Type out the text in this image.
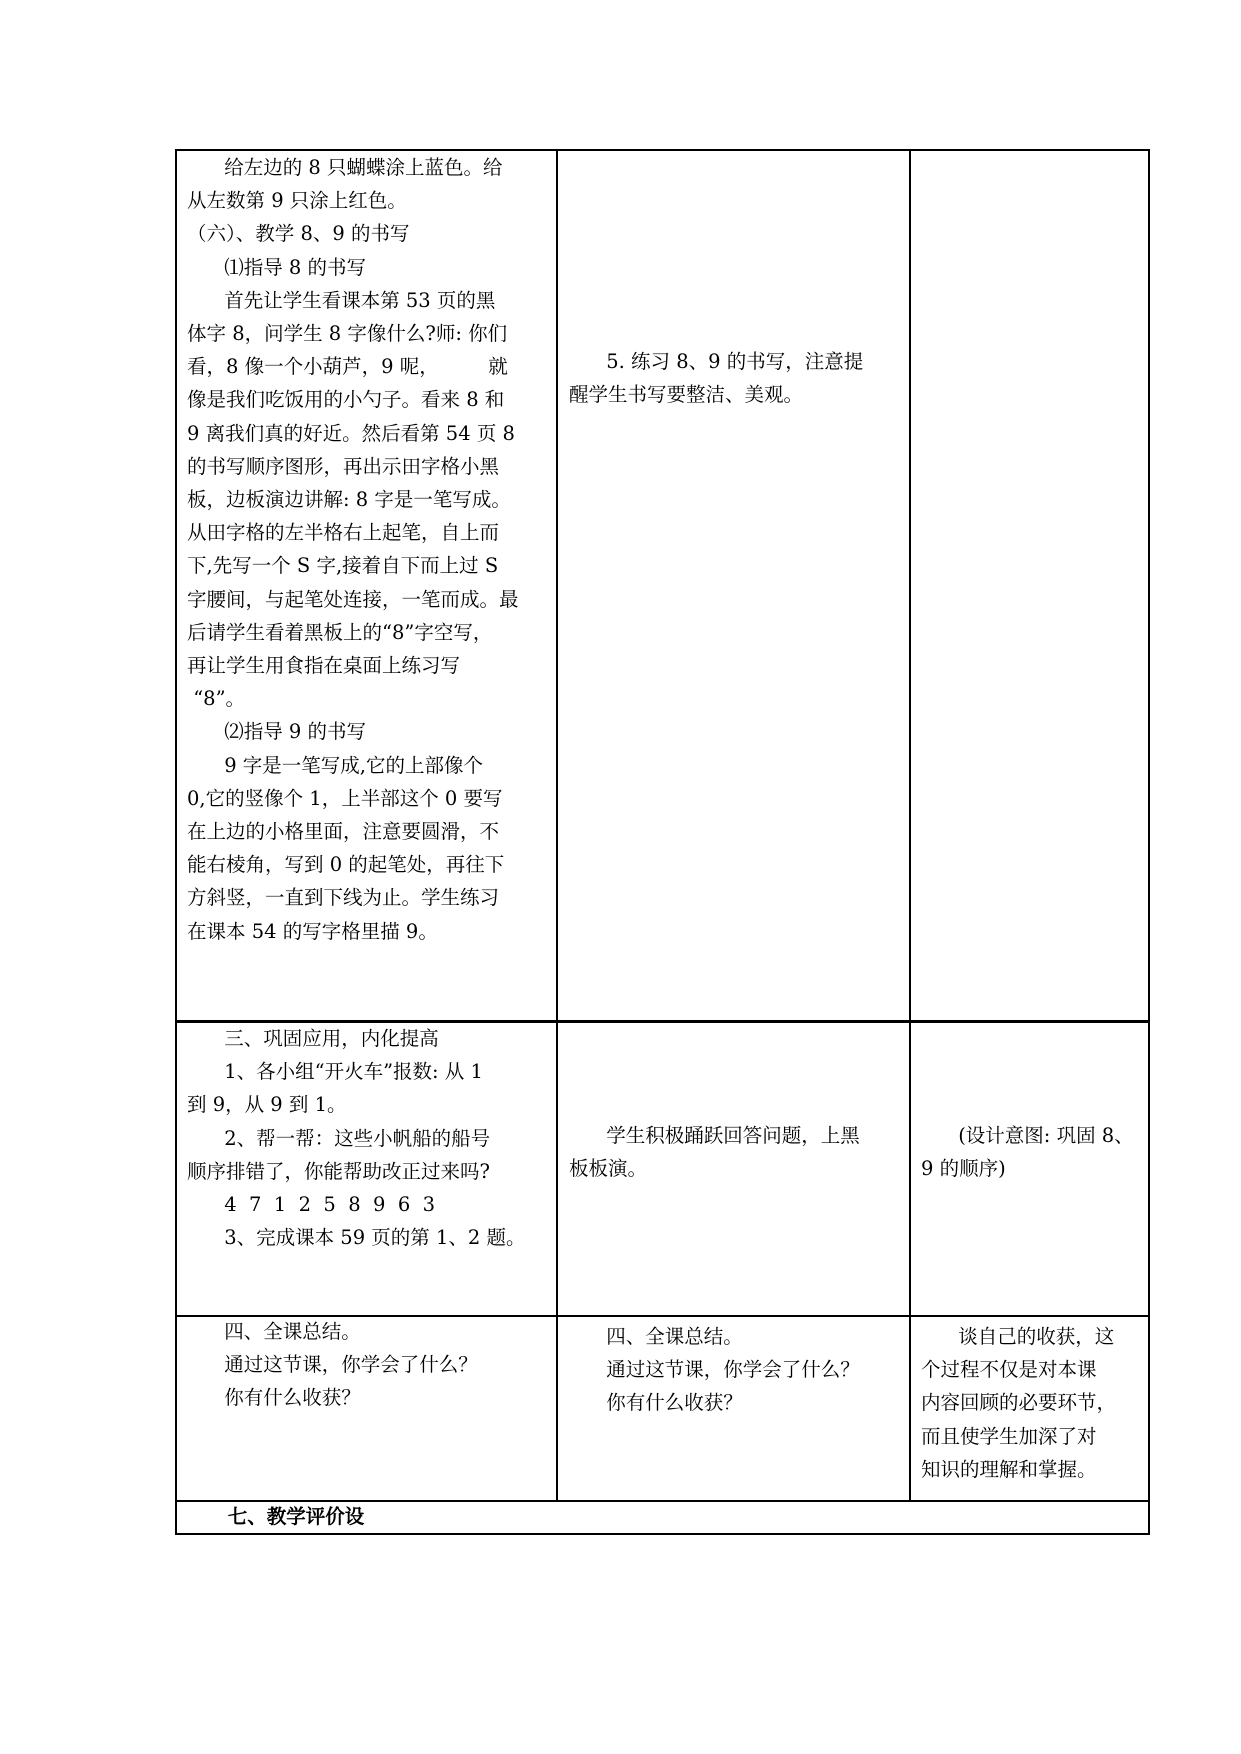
给左边的 8 只蝴蝶涂上蓝色。给

从左数第 9 只涂上红色。

（六）、教学 8、9 的书写

⑴指导 8 的书写

首先让学生看课本第 53 页的黑

体字 8，问学生 8 字像什么?师: 你们

看，8 像一个小葫芦，9 呢，        就

像是我们吃饭用的小勺子。看来 8 和

9 离我们真的好近。然后看第 54 页 8

的书写顺序图形，再出示田字格小黑

板，边板演边讲解: 8 字是一笔写成。

从田字格的左半格右上起笔，自上而

下,先写一个 S 字,接着自下而上过 S

字腰间，与起笔处连接，一笔而成。最

后请学生看着黑板上的“8”字空写，

再让学生用食指在桌面上练习写

“8”。

⑵指导 9 的书写

9 字是一笔写成,它的上部像个

0,它的竖像个 1，上半部这个 0 要写

在上边的小格里面，注意要圆滑，不

能右棱角，写到 0 的起笔处，再往下

方斜竖，一直到下线为止。学生练习

在课本 54 的写字格里描 9。

5. 练习 8、9 的书写，注意提

醒学生书写要整洁、美观。

三、巩固应用，内化提高

1、各小组“开火车”报数: 从 1

到 9，从 9 到 1。

2、帮一帮：这些小帆船的船号

顺序排错了，你能帮助改正过来吗?

4  7  1  2  5  8  9  6  3

3、完成课本 59 页的第 1、2 题。

学生积极踊跃回答问题，上黑

板板演。

(设计意图: 巩固 8、

9 的顺序)

四、全课总结。

通过这节课，你学会了什么？

你有什么收获？

四、全课总结。

通过这节课，你学会了什么？

你有什么收获？

谈自己的收获，这

个过程不仅是对本课

内容回顾的必要环节，

而且使学生加深了对

知识的理解和掌握。

七、教学评价设
